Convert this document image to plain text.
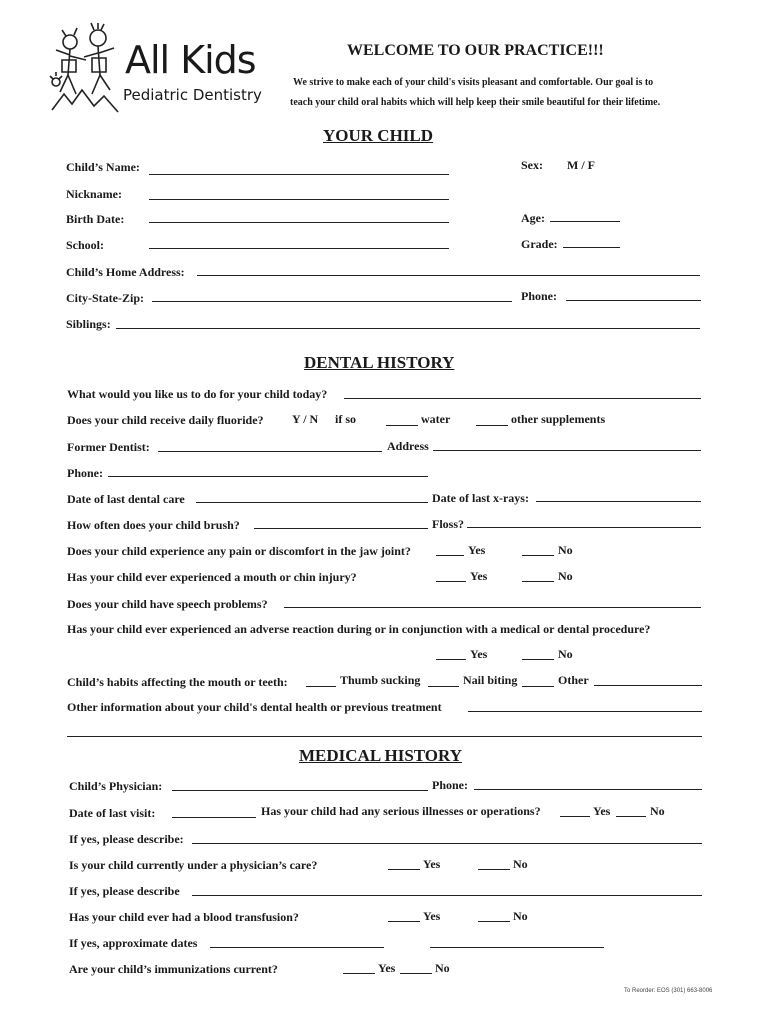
All Kids
Pediatric Dentistry
WELCOME TO OUR PRACTICE!!!
We strive to make each of your child's visits pleasant and comfortable. Our goal is to
teach your child oral habits which will help keep their smile beautiful for their lifetime.
YOUR CHILD
Child’s Name:	Sex: M / F
Nickname:
Birth Date:	Age:
School:	Grade:
Child’s Home Address:
City-State-Zip:	Phone:
Siblings:
DENTAL HISTORY
What would you like us to do for your child today?
Does your child receive daily fluoride? Y / N if so	water	other supplements
Former Dentist:	Address
Phone:
Date of last dental care	Date of last x-rays:
How often does your child brush?	Floss?
Does your child experience any pain or discomfort in the jaw joint?	Yes	No
Has your child ever experienced a mouth or chin injury?	Yes	No
Does your child have speech problems?
Has your child ever experienced an adverse reaction during or in conjunction with a medical or dental procedure?
Yes	No
Child’s habits affecting the mouth or teeth:	Thumb sucking	Nail biting	Other
Other information about your child's dental health or previous treatment
MEDICAL HISTORY
Child’s Physician:	Phone:
Date of last visit:	Has your child had any serious illnesses or operations?	Yes	No
If yes, please describe:
Is your child currently under a physician’s care?	Yes	No
If yes, please describe
Has your child ever had a blood transfusion?	Yes	No
If yes, approximate dates
Are your child’s immunizations current?	Yes	No
To Reorder: EOS (301) 663-8006
